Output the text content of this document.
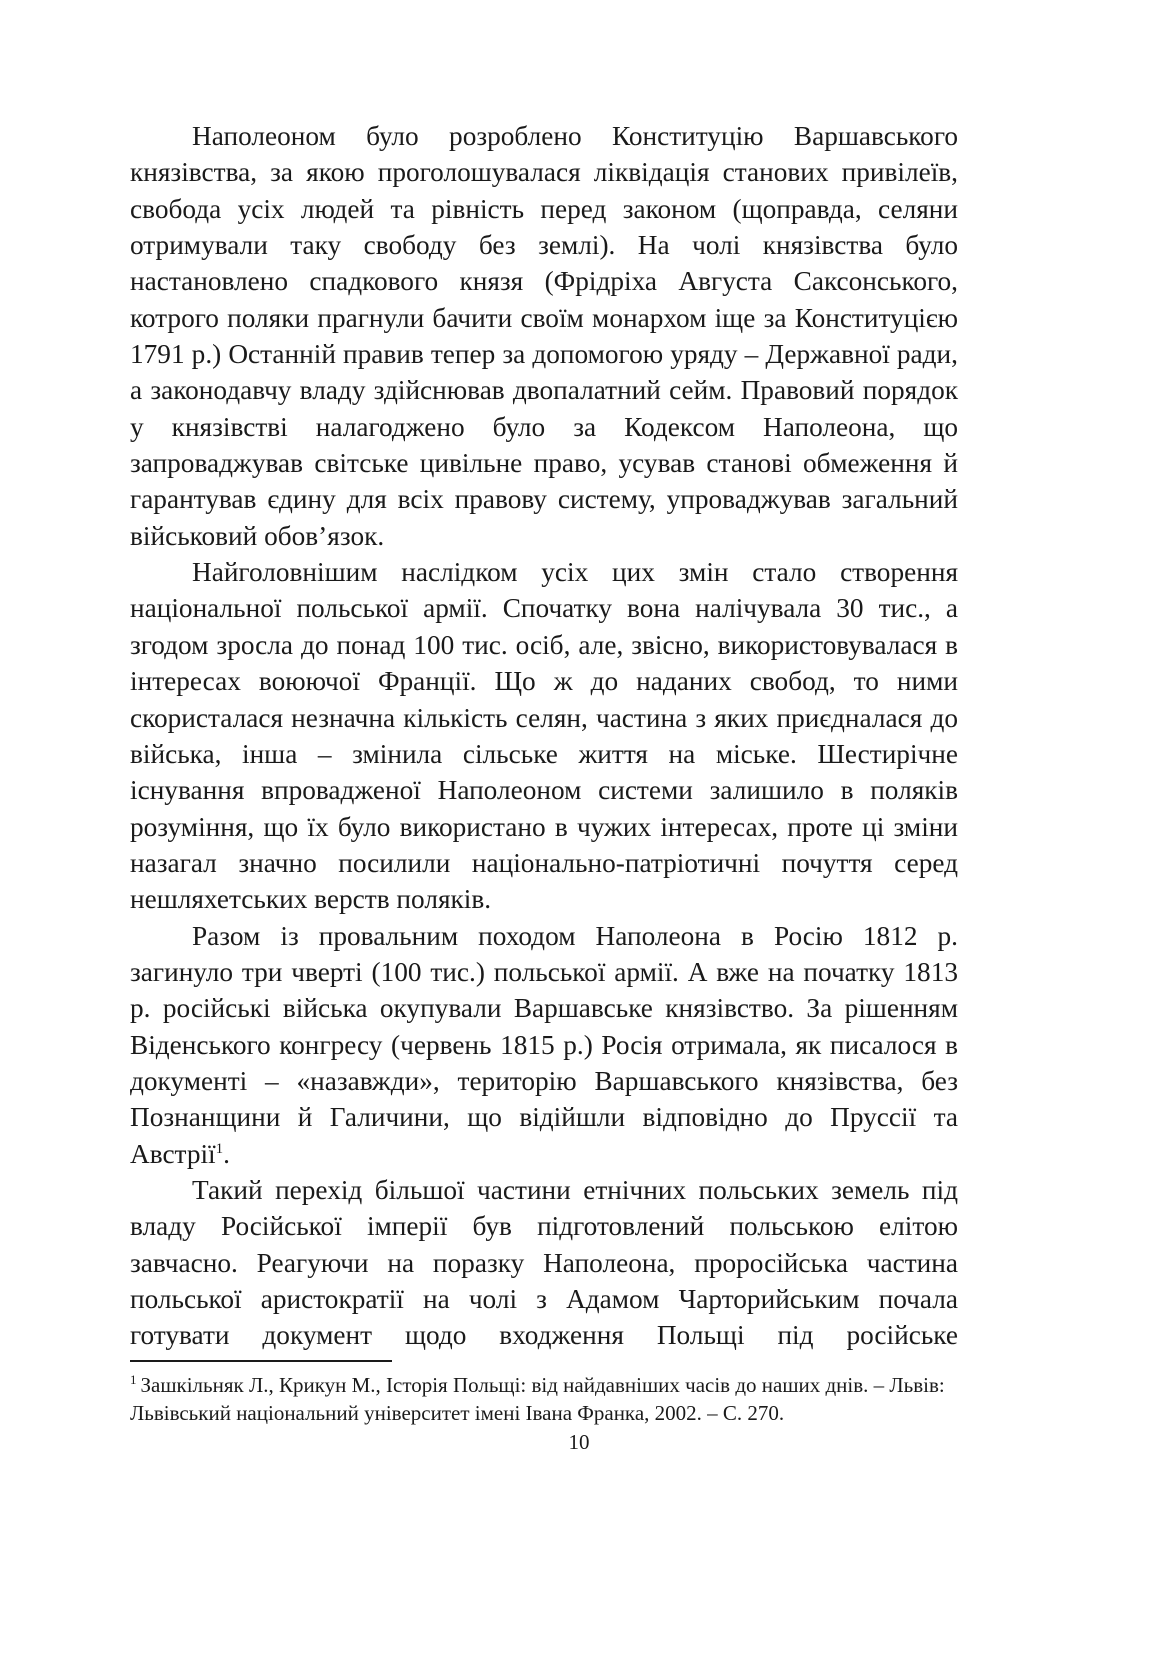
Наполеоном було розроблено Конституцію Варшавського князівства, за якою проголошувалася ліквідація станових привілеїв, свобода усіх людей та рівність перед законом (щоправда, селяни отримували таку свободу без землі). На чолі князівства було настановлено спадкового князя (Фрідріха Августа Саксонського, котрого поляки прагнули бачити своїм монархом іще за Конституцією 1791 р.) Останній правив тепер за допомогою уряду – Державної ради, а законодавчу владу здійснював двопалатний сейм. Правовий порядок у князівстві налагоджено було за Кодексом Наполеона, що запроваджував світське цивільне право, усував станові обмеження й гарантував єдину для всіх правову систему, упроваджував загальний військовий обов’язок.

Найголовнішим наслідком усіх цих змін стало створення національної польської армії. Спочатку вона налічувала 30 тис., а згодом зросла до понад 100 тис. осіб, але, звісно, використовувалася в інтересах воюючої Франції. Що ж до наданих свобод, то ними скористалася незначна кількість селян, частина з яких приєдналася до війська, інша – змінила сільське життя на міське. Шестирічне існування впровадженої Наполеоном системи залишило в поляків розуміння, що їх було використано в чужих інтересах, проте ці зміни назагал значно посилили національно-патріотичні почуття серед нешляхетських верств поляків.

Разом із провальним походом Наполеона в Росію 1812 р. загинуло три чверті (100 тис.) польської армії. А вже на початку 1813 р. російські війська окупували Варшавське князівство. За рішенням Віденського конгресу (червень 1815 р.) Росія отримала, як писалося в документі – «назавжди», територію Варшавського князівства, без Познанщини й Галичини, що відійшли відповідно до Пруссії та Австрії$^1$.

Такий перехід більшої частини етнічних польських земель під владу Російської імперії був підготовлений польською елітою завчасно. Реагуючи на поразку Наполеона, проросійська частина польської аристократії на чолі з Адамом Чарторийським почала готувати документ щодо входження Польщі під російське

$^1$ Зашкільняк Л., Крикун М., Історія Польщі: від найдавніших часів до наших днів. – Львів: Львівський національний університет імені Івана Франка, 2002. – С. 270.

10
